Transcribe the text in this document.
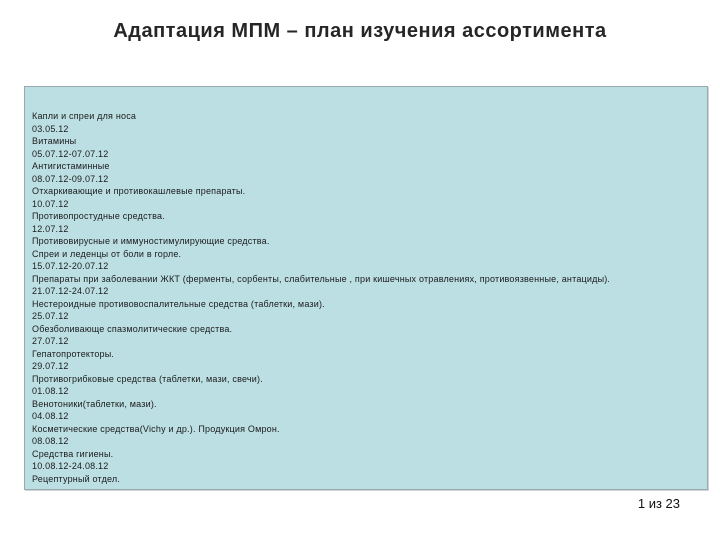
Адаптация МПМ – план изучения ассортимента
Капли и спреи для носа
03.05.12
Витамины
05.07.12-07.07.12
Антигистаминные
08.07.12-09.07.12
Отхаркивающие и противокашлевые препараты.
10.07.12
Противопростудные средства.
12.07.12
Противовирусные и иммуностимулирующие средства.
Спреи и леденцы от боли в горле.
15.07.12-20.07.12
Препараты при заболевании ЖКТ (ферменты, сорбенты, слабительные , при кишечных отравлениях, противоязвенные, антациды).
21.07.12-24.07.12
Нестероидные противовоспалительные средства (таблетки, мази).
25.07.12
Обезболивающе спазмолитические средства.
27.07.12
Гепатопротекторы.
29.07.12
Противогрибковые средства (таблетки, мази, свечи).
01.08.12
Венотоники(таблетки, мази).
04.08.12
Косметические средства(Vichy и др.). Продукция Омрон.
08.08.12
Средства гигиены.
10.08.12-24.08.12
Рецептурный отдел.
1 из 23
